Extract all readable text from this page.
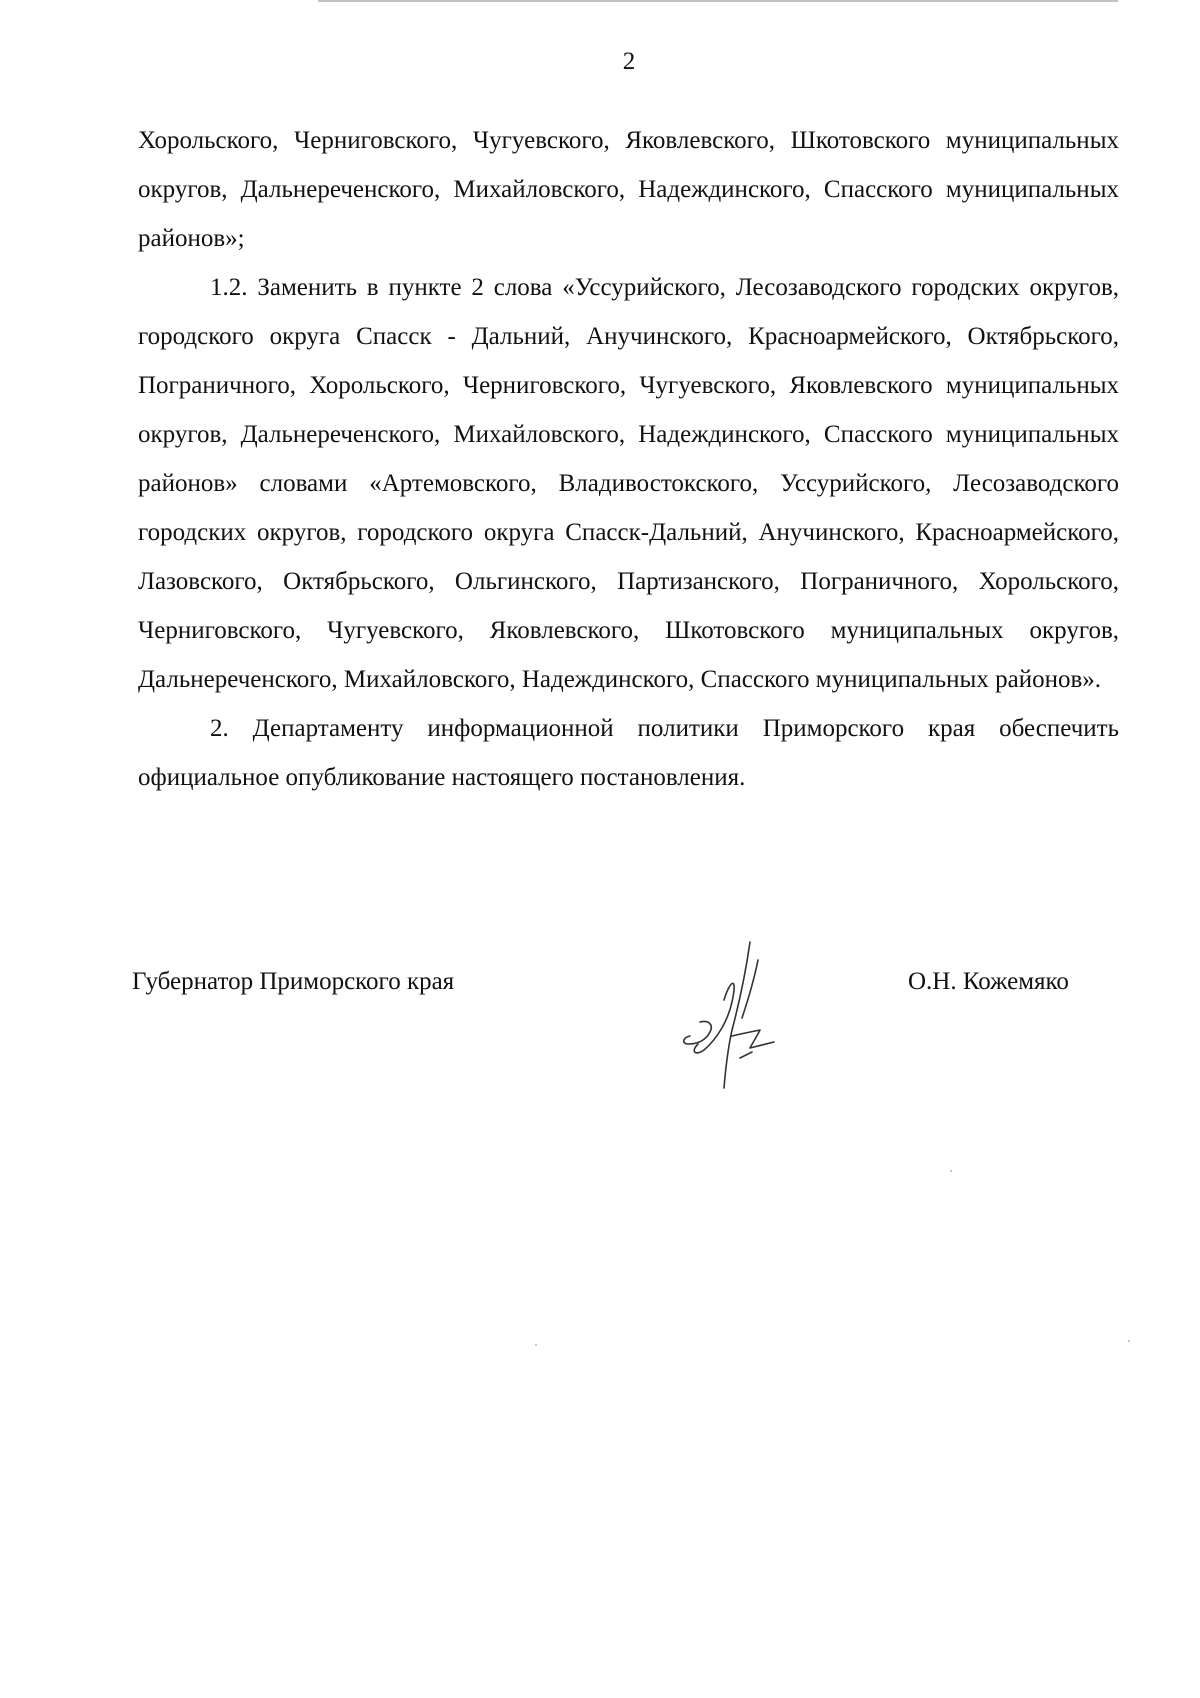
2

Хорольского, Черниговского, Чугуевского, Яковлевского, Шкотовского муниципальных округов, Дальнереченского, Михайловского, Надеждинского, Спасского муниципальных районов»;

1.2. Заменить в пункте 2 слова «Уссурийского, Лесозаводского городских округов, городского округа Спасск - Дальний, Анучинского, Красноармейского, Октябрьского, Пограничного, Хорольского, Черниговского, Чугуевского, Яковлевского муниципальных округов, Дальнереченского, Михайловского, Надеждинского, Спасского муниципальных районов» словами «Артемовского, Владивостокского, Уссурийского, Лесозаводского городских округов, городского округа Спасск-Дальний, Анучинского, Красноармейского, Лазовского, Октябрьского, Ольгинского, Партизанского, Пограничного, Хорольского, Черниговского, Чугуевского, Яковлевского, Шкотовского муниципальных округов, Дальнереченского, Михайловского, Надеждинского, Спасского муниципальных районов».

2. Департаменту информационной политики Приморского края обеспечить официальное опубликование настоящего постановления.

Губернатор Приморского края	О.Н. Кожемяко
